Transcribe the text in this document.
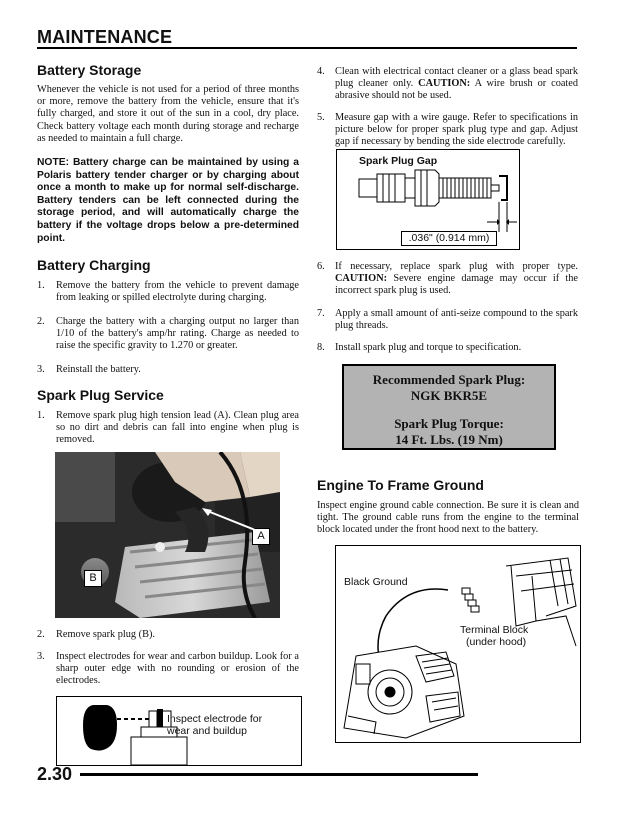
MAINTENANCE
Battery Storage
Whenever the vehicle is not used for a period of three months or more, remove the battery from the vehicle, ensure that it's fully charged, and store it out of the sun in a cool, dry place. Check battery voltage each month during storage and recharge as needed to maintain a full charge.
NOTE: Battery charge can be maintained by using a Polaris battery tender charger or by charging about once a month to make up for normal self-discharge. Battery tenders can be left connected during the storage period, and will automatically charge the battery if the voltage drops below a pre-determined point.
Battery Charging
1. Remove the battery from the vehicle to prevent damage from leaking or spilled electrolyte during charging.
2. Charge the battery with a charging output no larger than 1/10 of the battery's amp/hr rating. Charge as needed to raise the specific gravity to 1.270 or greater.
3. Reinstall the battery.
Spark Plug Service
1. Remove spark plug high tension lead (A). Clean plug area so no dirt and debris can fall into engine when plug is removed.
A
B
2. Remove spark plug (B).
3. Inspect electrodes for wear and carbon buildup. Look for a sharp outer edge with no rounding or erosion of the electrodes.
Inspect electrode for
wear and buildup
4. Clean with electrical contact cleaner or a glass bead spark plug cleaner only. CAUTION: A wire brush or coated abrasive should not be used.
5. Measure gap with a wire gauge. Refer to specifications in picture below for proper spark plug type and gap. Adjust gap if necessary by bending the side electrode carefully.
Spark Plug Gap
.036" (0.914 mm)
6. If necessary, replace spark plug with proper type. CAUTION: Severe engine damage may occur if the incorrect spark plug is used.
7. Apply a small amount of anti-seize compound to the spark plug threads.
8. Install spark plug and torque to specification.
Recommended Spark Plug:
NGK BKR5E
Spark Plug Torque:
14 Ft. Lbs. (19 Nm)
Engine To Frame Ground
Inspect engine ground cable connection. Be sure it is clean and tight. The ground cable runs from the engine to the terminal block located under the front hood next to the battery.
Black Ground
Terminal Block
(under hood)
2.30
